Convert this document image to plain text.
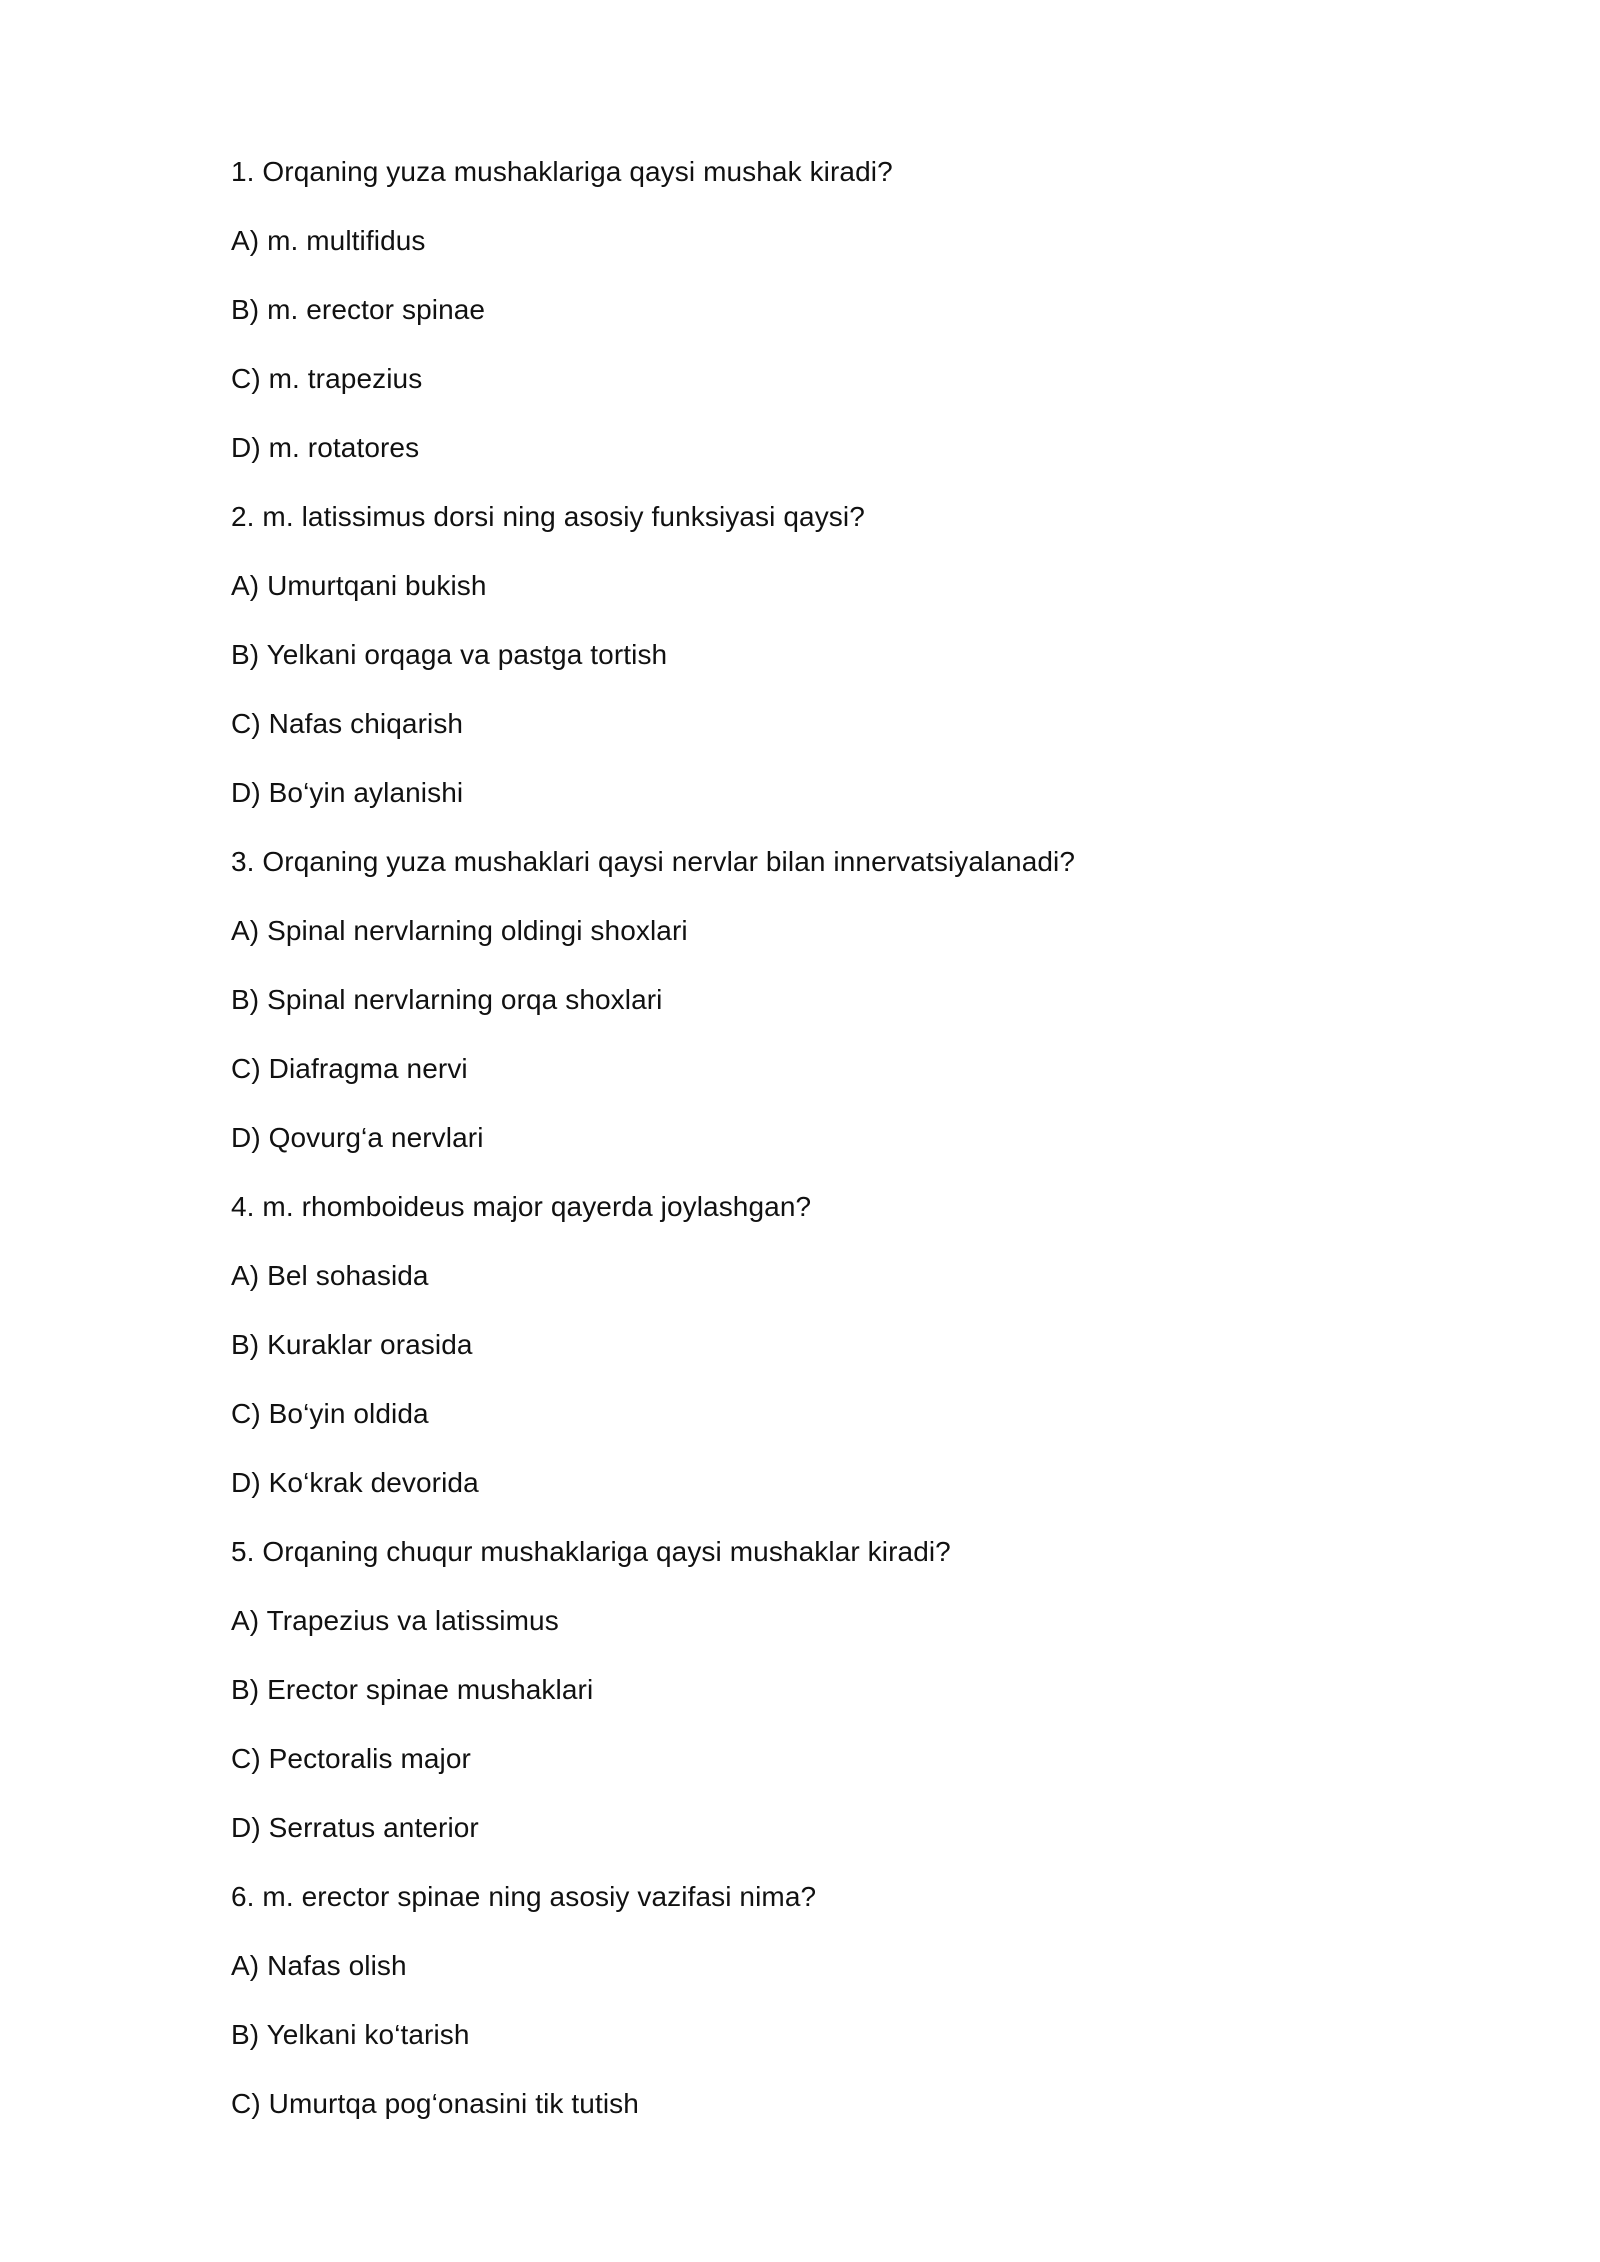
1. Orqaning yuza mushaklariga qaysi mushak kiradi?
A) m. multifidus
B) m. erector spinae
C) m. trapezius
D) m. rotatores
2. m. latissimus dorsi ning asosiy funksiyasi qaysi?
A) Umurtqani bukish
B) Yelkani orqaga va pastga tortish
C) Nafas chiqarish
D) Bo‘yin aylanishi
3. Orqaning yuza mushaklari qaysi nervlar bilan innervatsiyalanadi?
A) Spinal nervlarning oldingi shoxlari
B) Spinal nervlarning orqa shoxlari
C) Diafragma nervi
D) Qovurg‘a nervlari
4. m. rhomboideus major qayerda joylashgan?
A) Bel sohasida
B) Kuraklar orasida
C) Bo‘yin oldida
D) Ko‘krak devorida
5. Orqaning chuqur mushaklariga qaysi mushaklar kiradi?
A) Trapezius va latissimus
B) Erector spinae mushaklari
C) Pectoralis major
D) Serratus anterior
6. m. erector spinae ning asosiy vazifasi nima?
A) Nafas olish
B) Yelkani ko‘tarish
C) Umurtqa pog‘onasini tik tutish
